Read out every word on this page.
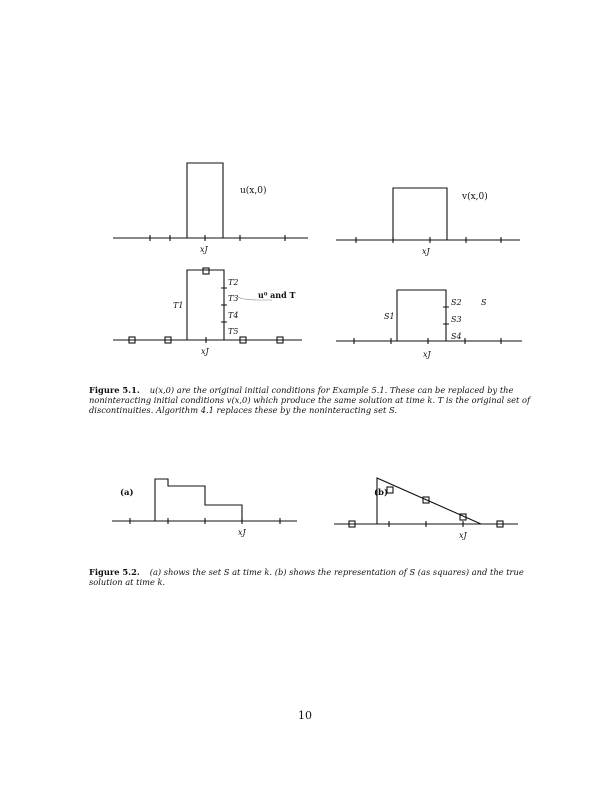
u(x,0)
xJ
v(x,0)
xJ
T1
T2
T3
T4
T5
u⁰ and T
xJ
S1
S2
S3
S4
S
xJ
(a)
xJ
(b)
xJ
Figure 5.1. u(x,0) are the original initial conditions for Example 5.1. These can be replaced by the noninteracting initial conditions v(x,0) which produce the same solution at time k. T is the original set of discontinuities. Algorithm 4.1 replaces these by the noninteracting set S.
Figure 5.2. (a) shows the set S at time k. (b) shows the representation of S (as squares) and the true solution at time k.
10
